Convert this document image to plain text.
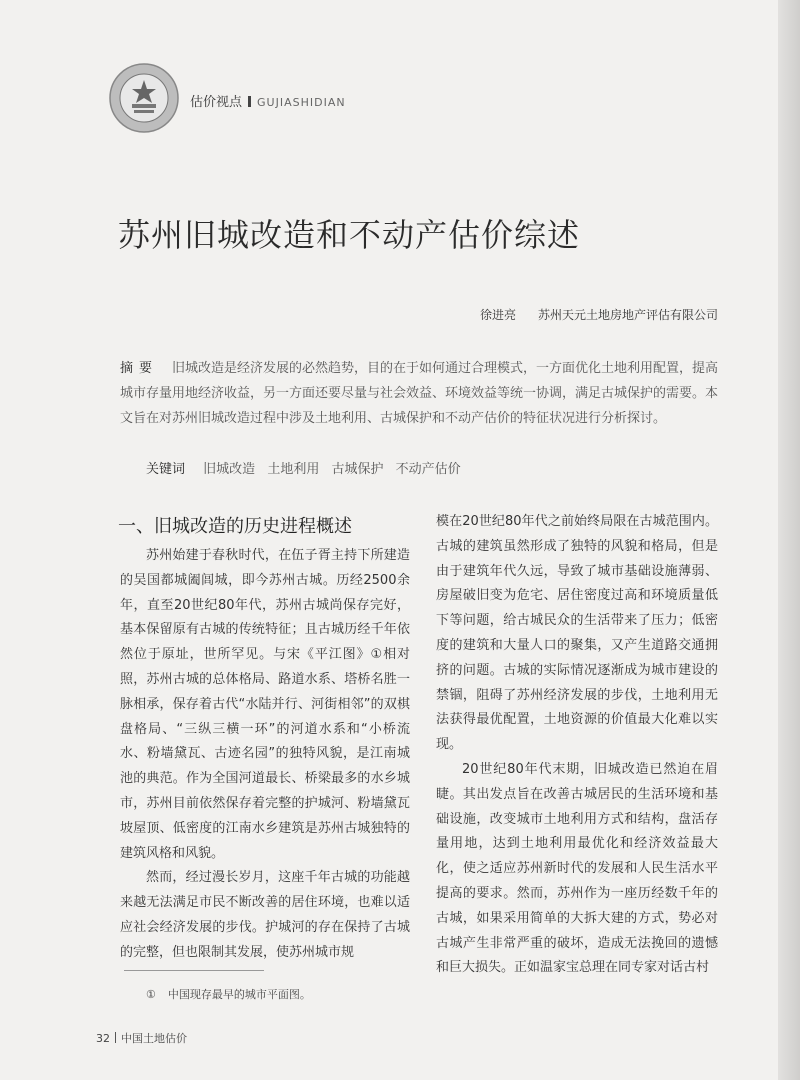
估价视点 GUJIASHIDIAN
苏州旧城改造和不动产估价综述
徐进亮 苏州天元土地房地产评估有限公司
摘要 旧城改造是经济发展的必然趋势，目的在于如何通过合理模式，一方面优化土地利用配置，提高城市存量用地经济收益，另一方面还要尽量与社会效益、环境效益等统一协调，满足古城保护的需要。本文旨在对苏州旧城改造过程中涉及土地利用、古城保护和不动产估价的特征状况进行分析探讨。
关键词 旧城改造 土地利用 古城保护 不动产估价
一、旧城改造的历史进程概述

苏州始建于春秋时代，在伍子胥主持下所建造的吴国都城阖闾城，即今苏州古城。历经2500余年，直至20世纪80年代，苏州古城尚保存完好，基本保留原有古城的传统特征；且古城历经千年依然位于原址，世所罕见。与宋《平江图》①相对照，苏州古城的总体格局、路道水系、塔桥名胜一脉相承，保存着古代“水陆并行、河街相邻”的双棋盘格局、“三纵三横一环”的河道水系和“小桥流水、粉墙黛瓦、古迹名园”的独特风貌，是江南城池的典范。作为全国河道最长、桥梁最多的水乡城市，苏州目前依然保存着完整的护城河、粉墙黛瓦坡屋顶、低密度的江南水乡建筑是苏州古城独特的建筑风格和风貌。

然而，经过漫长岁月，这座千年古城的功能越来越无法满足市民不断改善的居住环境，也难以适应社会经济发展的步伐。护城河的存在保持了古城的完整，但也限制其发展，使苏州城市规

模在20世纪80年代之前始终局限在古城范围内。古城的建筑虽然形成了独特的风貌和格局，但是由于建筑年代久远，导致了城市基础设施薄弱、房屋破旧变为危宅、居住密度过高和环境质量低下等问题，给古城民众的生活带来了压力；低密度的建筑和大量人口的聚集，又产生道路交通拥挤的问题。古城的实际情况逐渐成为城市建设的禁锢，阻碍了苏州经济发展的步伐，土地利用无法获得最优配置，土地资源的价值最大化难以实现。

20世纪80年代末期，旧城改造已然迫在眉睫。其出发点旨在改善古城居民的生活环境和基础设施，改变城市土地利用方式和结构，盘活存量用地，达到土地利用最优化和经济效益最大化，使之适应苏州新时代的发展和人民生活水平提高的要求。然而，苏州作为一座历经数千年的古城，如果采用简单的大拆大建的方式，势必对古城产生非常严重的破坏，造成无法挽回的遗憾和巨大损失。正如温家宝总理在同专家对话古村

① 中国现存最早的城市平面图。
32 中国土地估价
